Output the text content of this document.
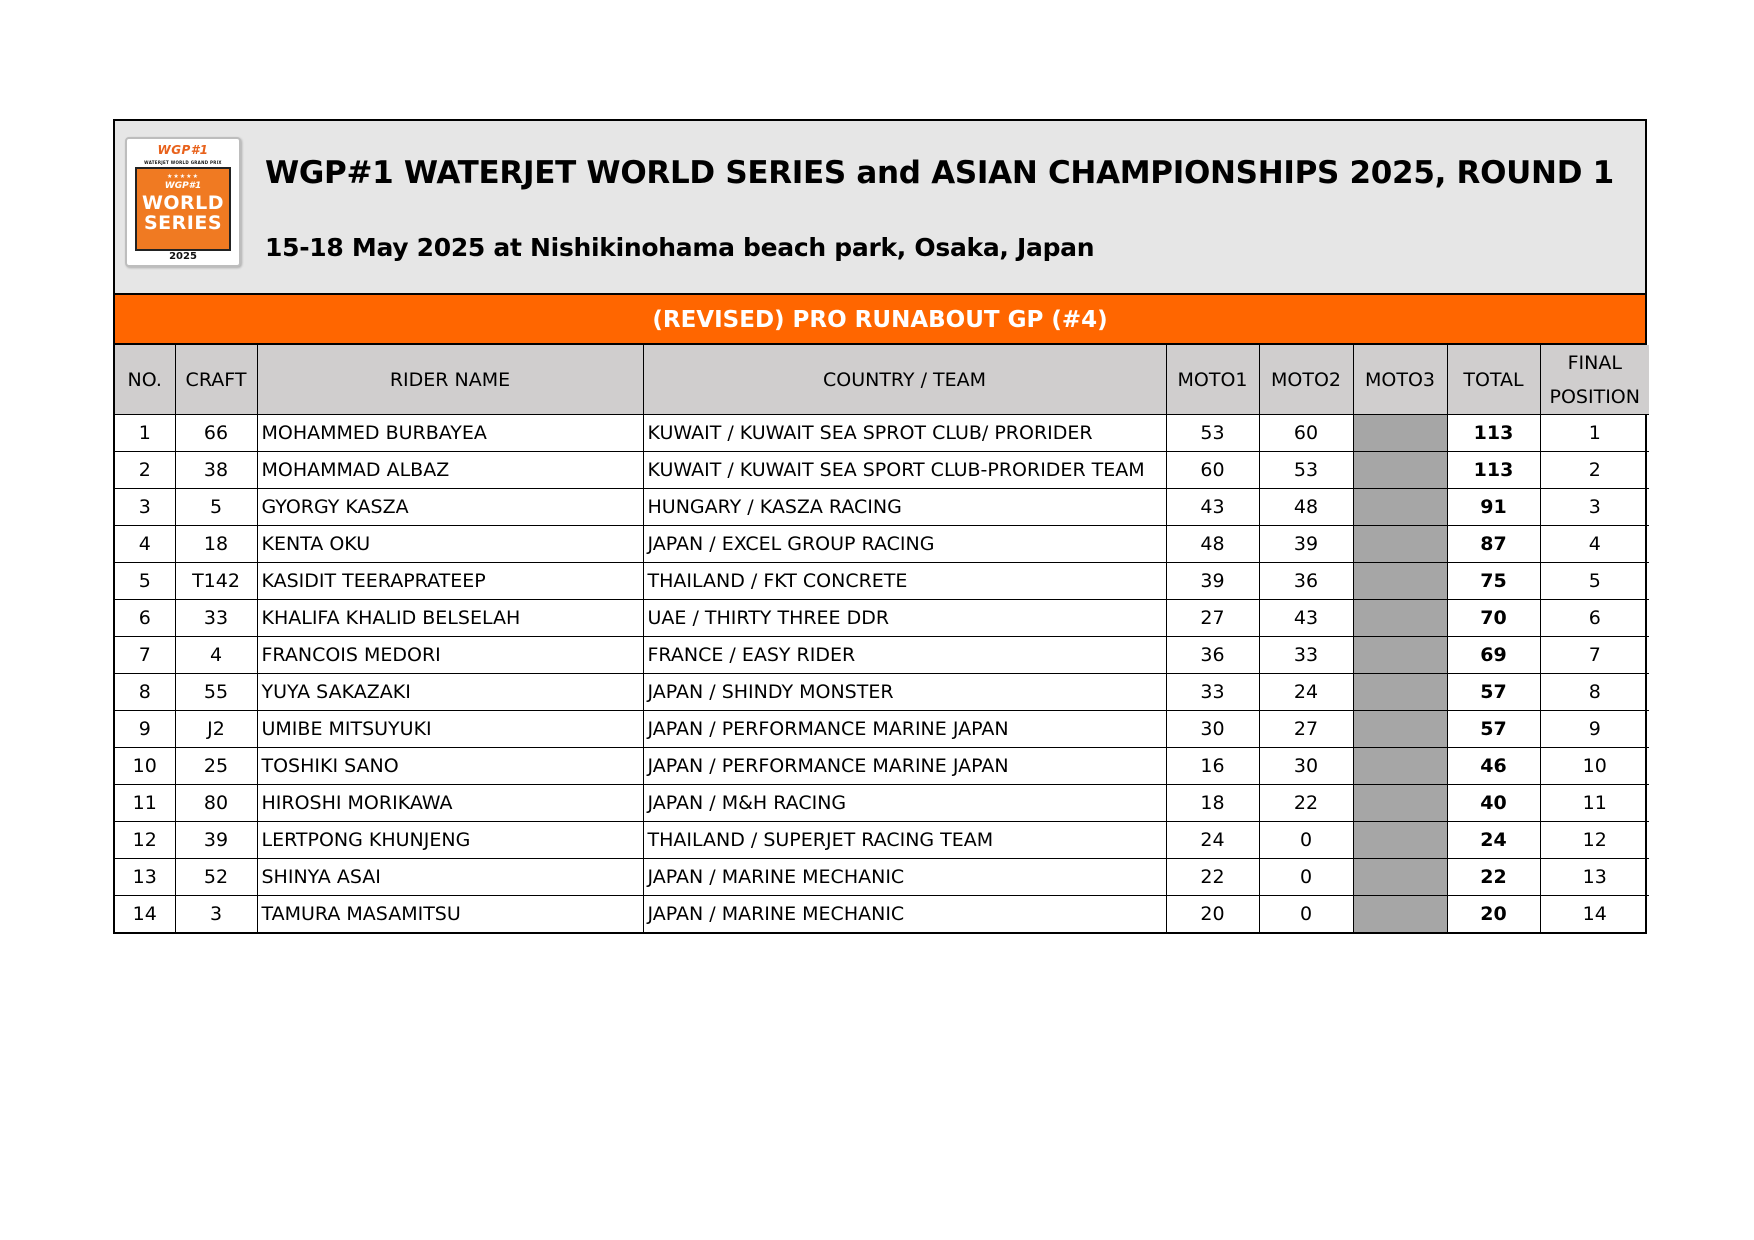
WGP#1
WATERJET WORLD GRAND PRIX
★★★★★
WGP#1
WORLD
SERIES
2025
WGP#1 WATERJET WORLD SERIES and ASIAN CHAMPIONSHIPS 2025, ROUND 1
15-18 May 2025 at Nishikinohama beach park, Osaka, Japan
(REVISED) PRO RUNABOUT GP (#4)
NO.	CRAFT	RIDER NAME	COUNTRY / TEAM	MOTO1	MOTO2	MOTO3	TOTAL	FINAL
POSITION
1	66	MOHAMMED BURBAYEA	KUWAIT / KUWAIT SEA SPROT CLUB/ PRORIDER	53	60		113	1
2	38	MOHAMMAD ALBAZ	KUWAIT / KUWAIT SEA SPORT CLUB-PRORIDER TEAM	60	53		113	2
3	5	GYORGY KASZA	HUNGARY / KASZA RACING	43	48		91	3
4	18	KENTA OKU	JAPAN / EXCEL GROUP RACING	48	39		87	4
5	T142	KASIDIT TEERAPRATEEP	THAILAND / FKT CONCRETE	39	36		75	5
6	33	KHALIFA KHALID BELSELAH	UAE / THIRTY THREE DDR	27	43		70	6
7	4	FRANCOIS MEDORI	FRANCE / EASY RIDER	36	33		69	7
8	55	YUYA SAKAZAKI	JAPAN / SHINDY MONSTER	33	24		57	8
9	J2	UMIBE MITSUYUKI	JAPAN / PERFORMANCE MARINE JAPAN	30	27		57	9
10	25	TOSHIKI SANO	JAPAN / PERFORMANCE MARINE JAPAN	16	30		46	10
11	80	HIROSHI MORIKAWA	JAPAN / M&H RACING	18	22		40	11
12	39	LERTPONG KHUNJENG	THAILAND / SUPERJET RACING TEAM	24	0		24	12
13	52	SHINYA ASAI	JAPAN / MARINE MECHANIC	22	0		22	13
14	3	TAMURA MASAMITSU	JAPAN / MARINE MECHANIC	20	0		20	14
